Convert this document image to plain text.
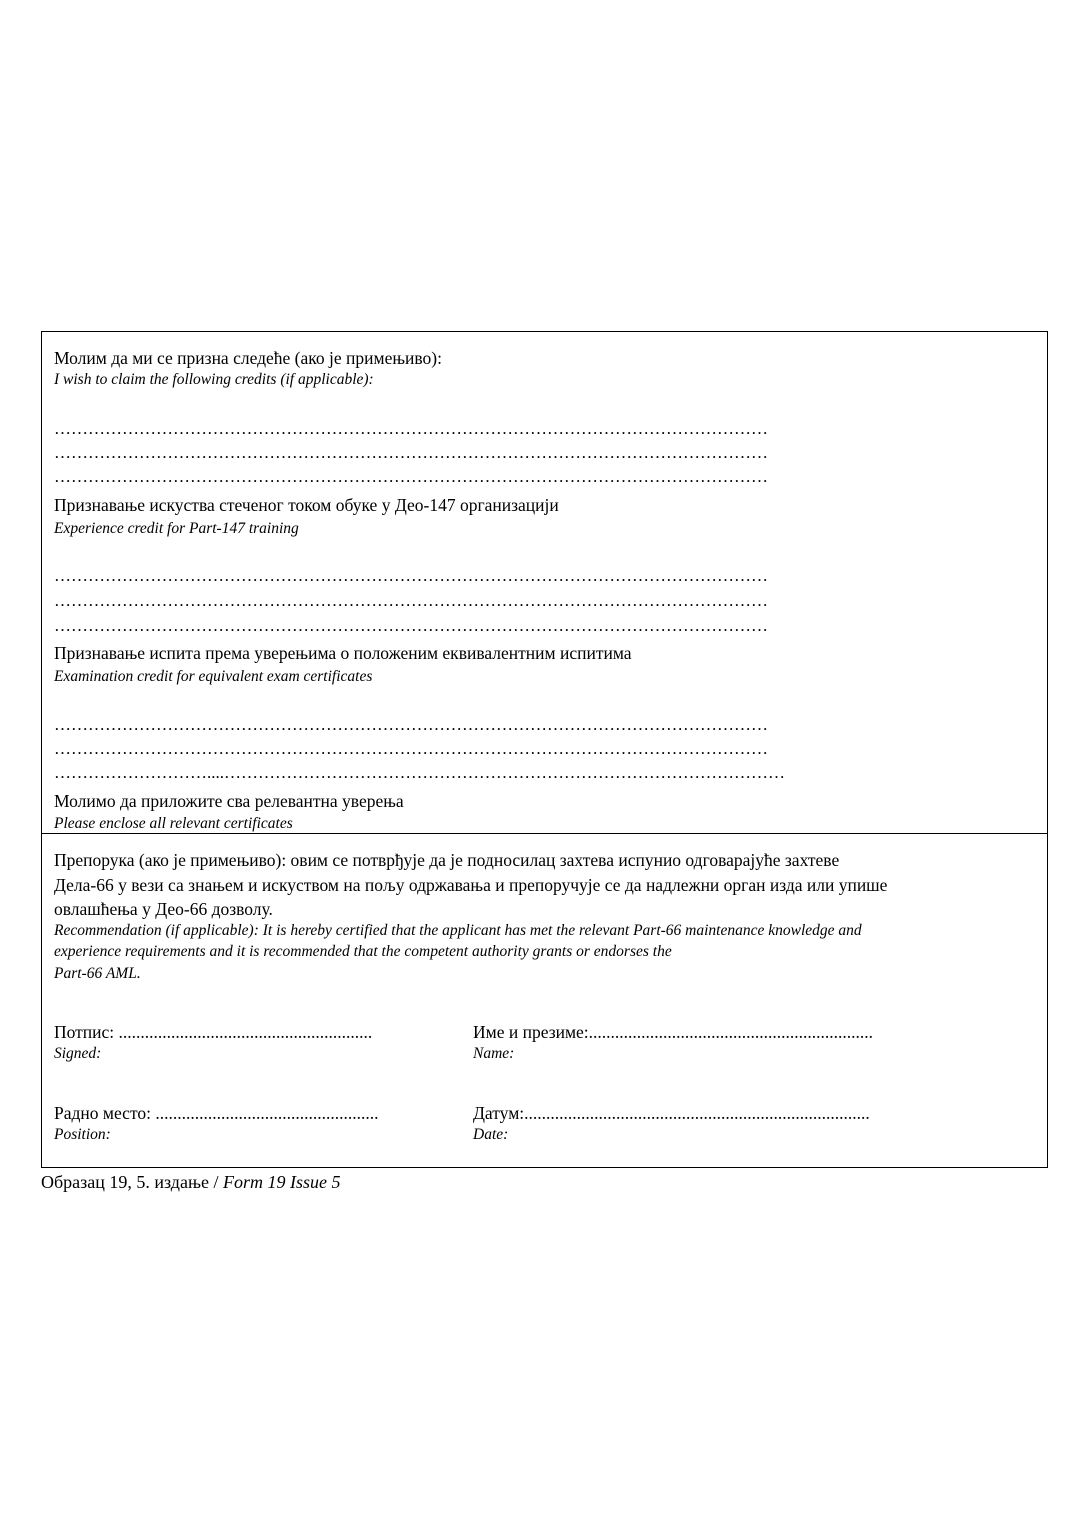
Молим да ми се призна следеће (ако је примењиво):
I wish to claim the following credits (if applicable):
………………………………………………………………………………………………………………
………………………………………………………………………………………………………………
………………………………………………………………………………………………………………
Признавање искуства стеченог током обуке у Део-147 организацији
Experience credit for Part-147 training
………………………………………………………………………………………………………………
………………………………………………………………………………………………………………
………………………………………………………………………………………………………………
Признавање испита према уверењима о положеним еквивалентним испитима
Examination credit for equivalent exam certificates
………………………………………………………………………………………………………………
………………………………………………………………………………………………………………
………………………....………………………………………………………………………………………
Молимо да приложите сва релевантна уверења
Please enclose all relevant certificates
Препорука (ако је примењиво): овим се потврђује да је подносилац захтева испунио одговарајуће захтеве
Дела-66 у вези са знањем и искуством на пољу одржавања и препоручује се да надлежни орган изда или упише
овлашћења у Део-66 дозволу.
Recommendation (if applicable): It is hereby certified that the applicant has met the relevant Part-66 maintenance knowledge and
experience requirements and it is recommended that the competent authority grants or endorses the
Part-66 AML.
Потпис: ..........................................................
Signed:
Име и презиме:.................................................................
Name:
Радно место: ...................................................
Position:
Датум:...............................................................................
Date:
Образац 19, 5. издање / Form 19 Issue 5
